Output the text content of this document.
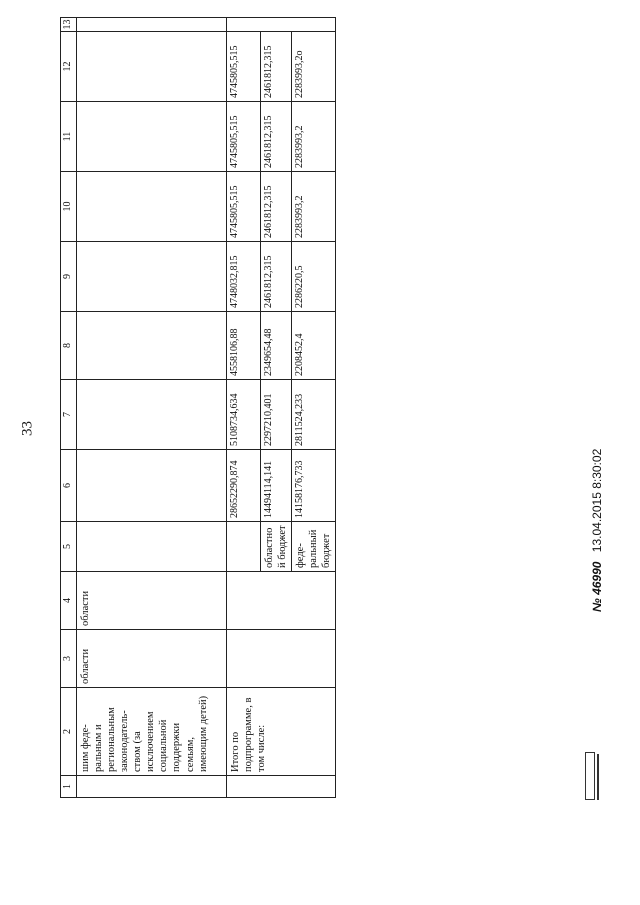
33
1	2	3	4	5	6	7	8	9	10	11	12	13
	шим феде-ральным и региональным законодатель-ством (за исключением социальной поддержки семьям, имеющим детей)	области	области									
	Итого по подпрограмме, в том числе:				28652290,874	5108734,634	4558106,88	4748032,815	4745805,515	4745805,515	4745805,515	
				областной бюджет	14494114,141	2297210,401	2349654,48	2461812,315	2461812,315	2461812,315	2461812,315	
				феде-ральный бюджет	14158176,733	2811524,233	2208452,4	2286220,5	2283993,2	2283993,2	2283993,2о	
№ 46990 13.04.2015 8:30:02
